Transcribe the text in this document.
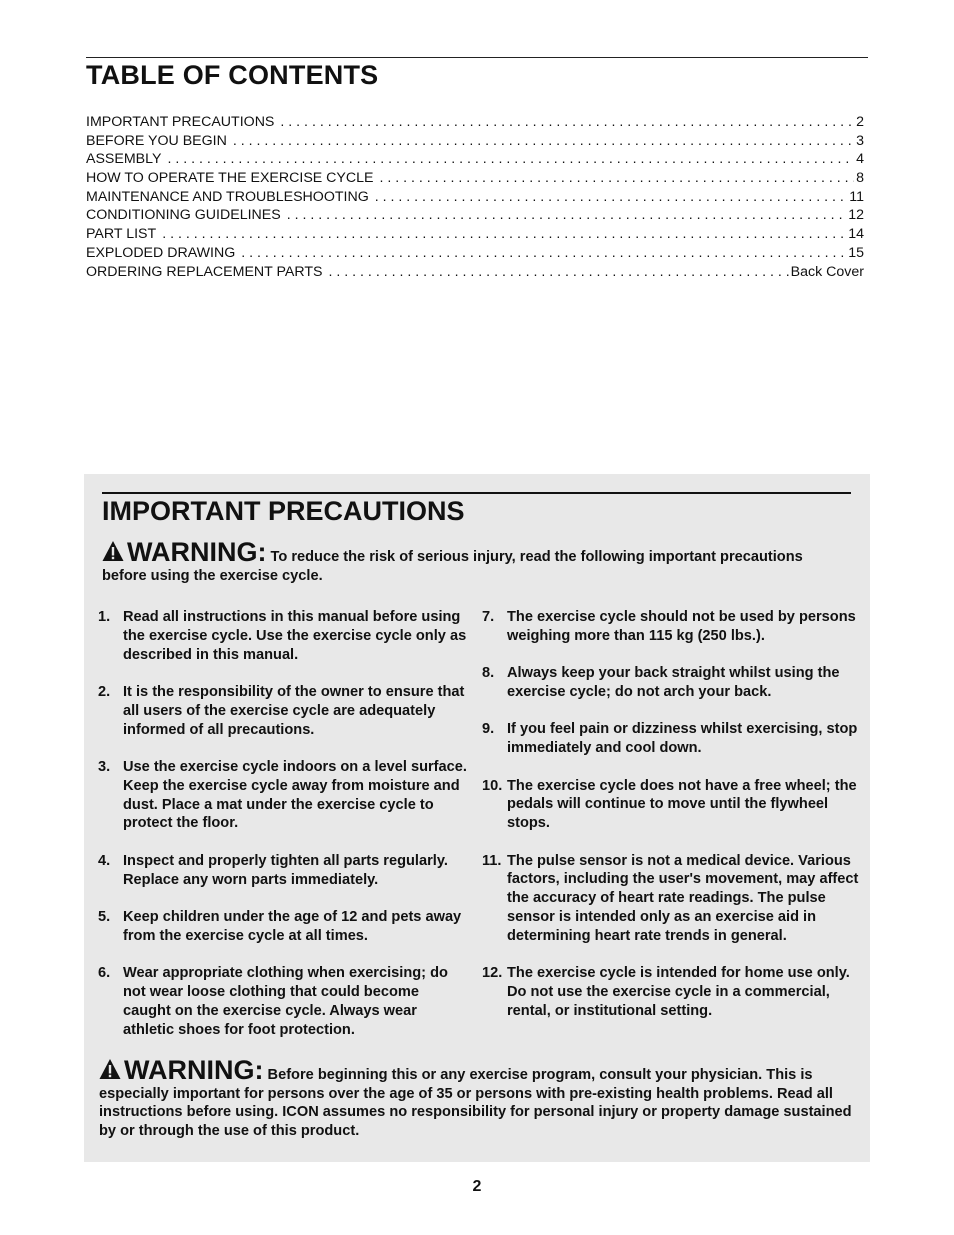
TABLE OF CONTENTS
IMPORTANT PRECAUTIONS . . .	2
BEFORE YOU BEGIN . . .	3
ASSEMBLY . . .	4
HOW TO OPERATE THE EXERCISE CYCLE . . .	8
MAINTENANCE AND TROUBLESHOOTING . . .	11
CONDITIONING GUIDELINES . . .	12
PART LIST . . .	14
EXPLODED DRAWING . . .	15
ORDERING REPLACEMENT PARTS . . .	Back Cover
IMPORTANT PRECAUTIONS
WARNING: To reduce the risk of serious injury, read the following important precautions before using the exercise cycle.
1. Read all instructions in this manual before using the exercise cycle. Use the exercise cycle only as described in this manual.
2. It is the responsibility of the owner to ensure that all users of the exercise cycle are adequately informed of all precautions.
3. Use the exercise cycle indoors on a level surface. Keep the exercise cycle away from moisture and dust. Place a mat under the exercise cycle to protect the floor.
4. Inspect and properly tighten all parts regularly. Replace any worn parts immediately.
5. Keep children under the age of 12 and pets away from the exercise cycle at all times.
6. Wear appropriate clothing when exercising; do not wear loose clothing that could become caught on the exercise cycle. Always wear athletic shoes for foot protection.
7. The exercise cycle should not be used by persons weighing more than 115 kg (250 lbs.).
8. Always keep your back straight whilst using the exercise cycle; do not arch your back.
9. If you feel pain or dizziness whilst exercising, stop immediately and cool down.
10. The exercise cycle does not have a free wheel; the pedals will continue to move until the flywheel stops.
11. The pulse sensor is not a medical device. Various factors, including the user's movement, may affect the accuracy of heart rate readings. The pulse sensor is intended only as an exercise aid in determining heart rate trends in general.
12. The exercise cycle is intended for home use only. Do not use the exercise cycle in a commercial, rental, or institutional setting.
WARNING: Before beginning this or any exercise program, consult your physician. This is especially important for persons over the age of 35 or persons with pre-existing health problems. Read all instructions before using. ICON assumes no responsibility for personal injury or property damage sustained by or through the use of this product.
2
